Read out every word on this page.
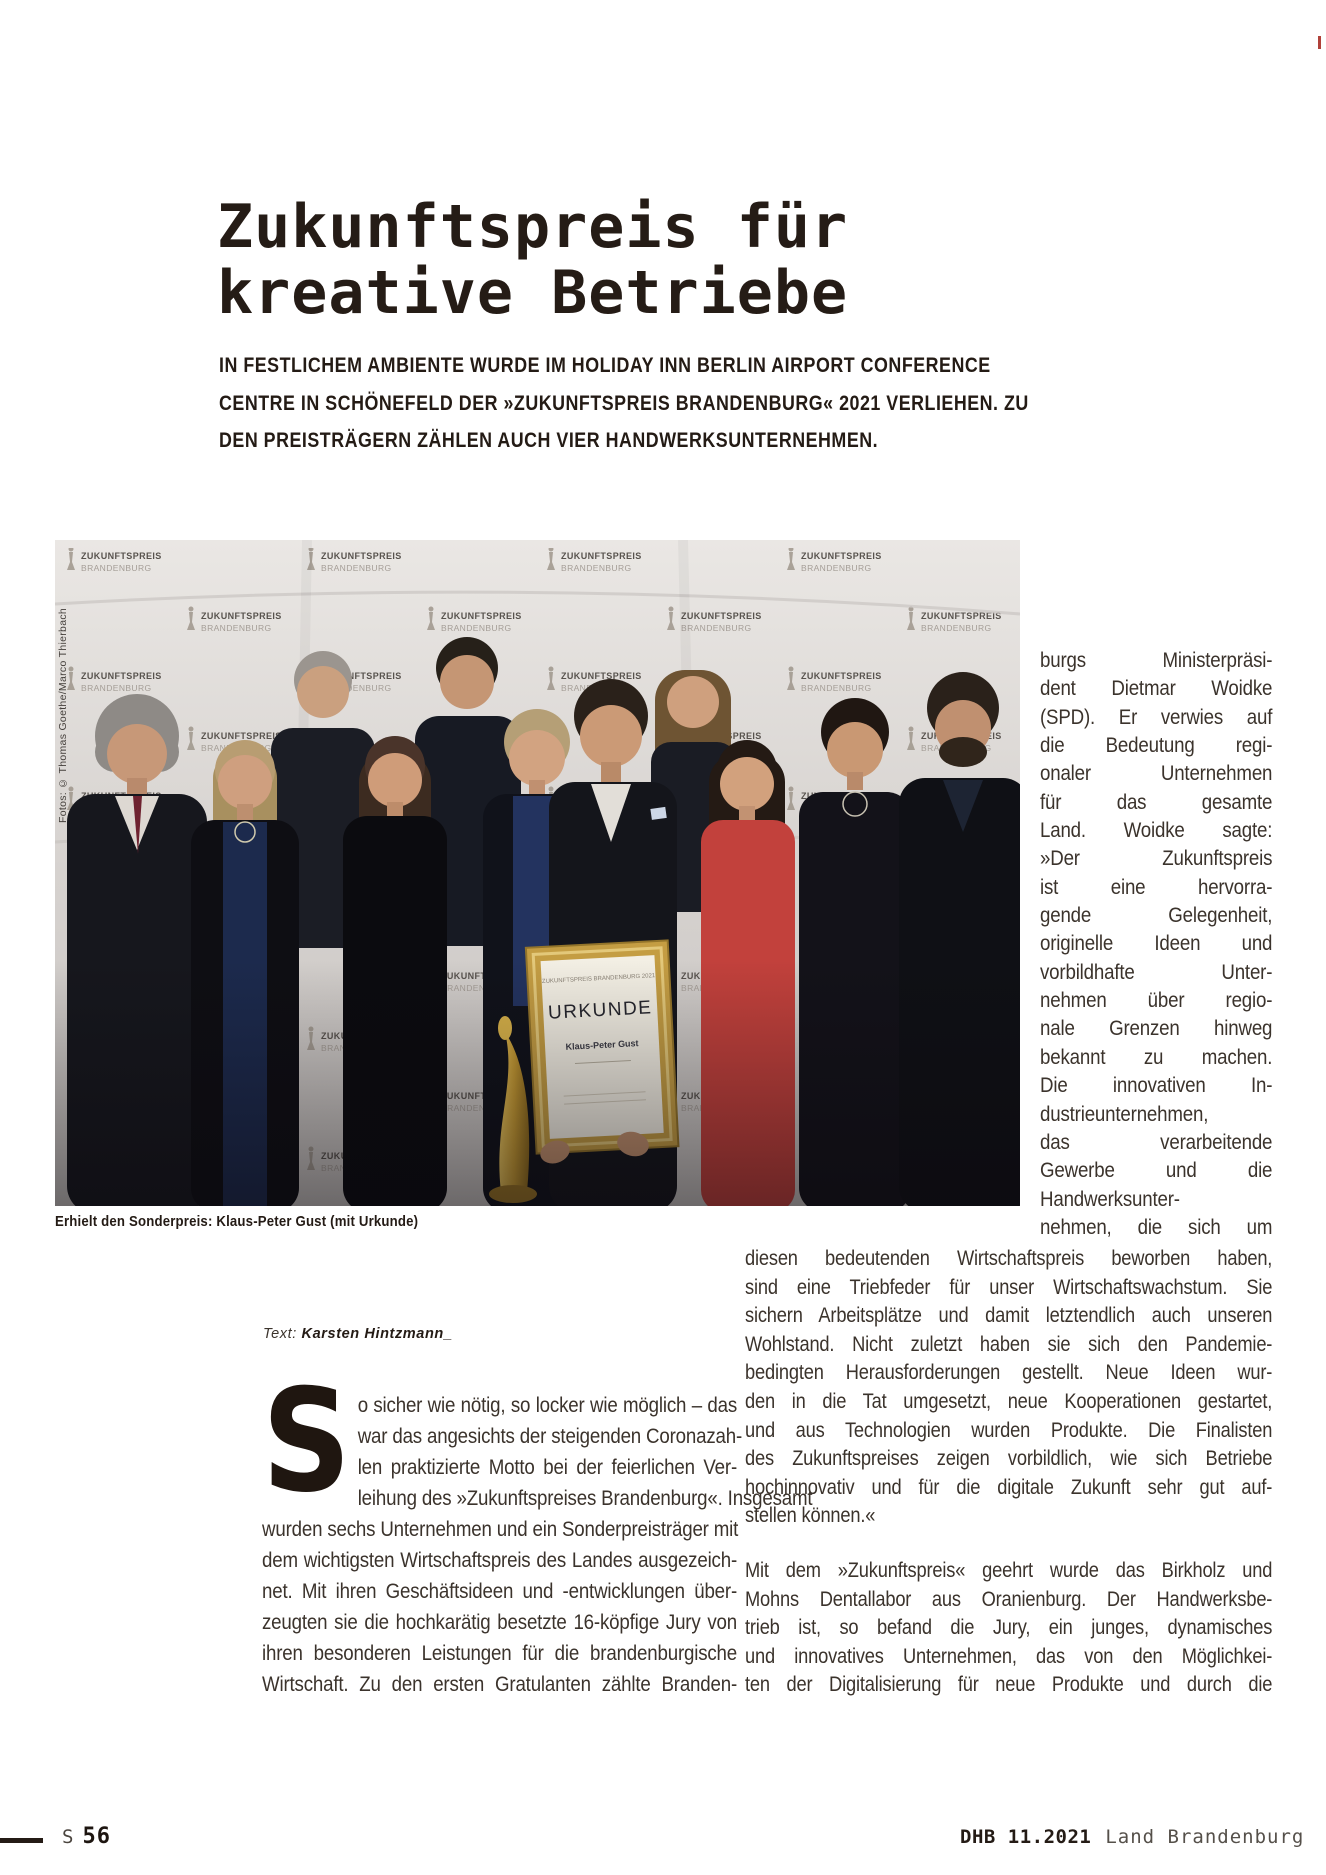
Zukunftspreis für
kreative Betriebe
IN FESTLICHEM AMBIENTE WURDE IM HOLIDAY INN BERLIN AIRPORT CONFERENCE
CENTRE IN SCHÖNEFELD DER »ZUKUNFTSPREIS BRANDENBURG« 2021 VERLIEHEN. ZU
DEN PREISTRÄGERN ZÄHLEN AUCH VIER HANDWERKSUNTERNEHMEN.
Fotos: © Thomas Goethe/Marco Thierbach
Erhielt den Sonderpreis: Klaus-Peter Gust (mit Urkunde)
Text: Karsten Hintzmann_
S o sicher wie nötig, so locker wie möglich – das
war das angesichts der steigenden Coronazah-
len praktizierte Motto bei der feierlichen Ver-
leihung des »Zukunftspreises Brandenburg«. Insgesamt
wurden sechs Unternehmen und ein Sonderpreisträger mit
dem wichtigsten Wirtschaftspreis des Landes ausgezeich-
net. Mit ihren Geschäftsideen und -entwicklungen über-
zeugten sie die hochkarätig besetzte 16-köpfige Jury von
ihren besonderen Leistungen für die brandenburgische
Wirtschaft. Zu den ersten Gratulanten zählte Branden-
burgs Ministerpräsi-
dent Dietmar Woidke
(SPD). Er verwies auf
die Bedeutung regi-
onaler Unternehmen
für das gesamte
Land. Woidke sagte:
»Der Zukunftspreis
ist eine hervorra-
gende Gelegenheit,
originelle Ideen und
vorbildhafte Unter-
nehmen über regio-
nale Grenzen hinweg
bekannt zu machen.
Die innovativen In-
dustrieunternehmen,
das verarbeitende
Gewerbe und die
Handwerksunter-
nehmen, die sich um
diesen bedeutenden Wirtschaftspreis beworben haben,
sind eine Triebfeder für unser Wirtschaftswachstum. Sie
sichern Arbeitsplätze und damit letztendlich auch unseren
Wohlstand. Nicht zuletzt haben sie sich den Pandemie-
bedingten Herausforderungen gestellt. Neue Ideen wur-
den in die Tat umgesetzt, neue Kooperationen gestartet,
und aus Technologien wurden Produkte. Die Finalisten
des Zukunftspreises zeigen vorbildlich, wie sich Betriebe
hochinnovativ und für die digitale Zukunft sehr gut auf-
stellen können.«
Mit dem »Zukunftspreis« geehrt wurde das Birkholz und
Mohns Dentallabor aus Oranienburg. Der Handwerksbe-
trieb ist, so befand die Jury, ein junges, dynamisches
und innovatives Unternehmen, das von den Möglichkei-
ten der Digitalisierung für neue Produkte und durch die
S 56	DHB 11.2021 Land Brandenburg
